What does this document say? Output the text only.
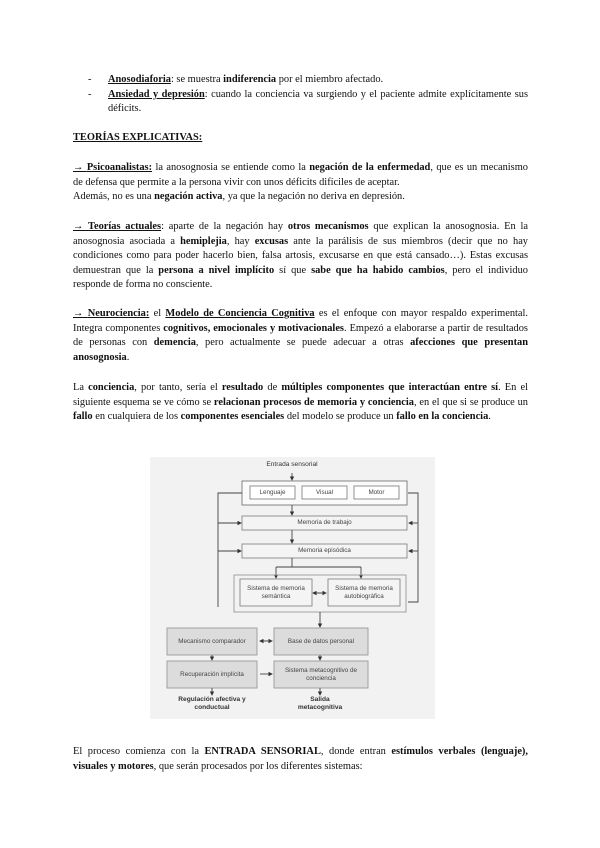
- Anosodiaforia: se muestra indiferencia por el miembro afectado.
- Ansiedad y depresión: cuando la conciencia va surgiendo y el paciente admite explícitamente sus déficits.
TEORÍAS EXPLICATIVAS:
→ Psicoanalistas: la anosognosia se entiende como la negación de la enfermedad, que es un mecanismo de defensa que permite a la persona vivir con unos déficits difíciles de aceptar.
Además, no es una negación activa, ya que la negación no deriva en depresión.
→ Teorías actuales: aparte de la negación hay otros mecanismos que explican la anosognosia. En la anosognosia asociada a hemiplejia, hay excusas ante la parálisis de sus miembros (decir que no hay condiciones como para poder hacerlo bien, falsa artosis, excusarse en que está cansado…). Estas excusas demuestran que la persona a nivel implícito sí que sabe que ha habido cambios, pero el individuo responde de forma no consciente.
→ Neurociencia: el Modelo de Conciencia Cognitiva es el enfoque con mayor respaldo experimental. Integra componentes cognitivos, emocionales y motivacionales. Empezó a elaborarse a partir de resultados de personas con demencia, pero actualmente se puede adecuar a otras afecciones que presentan anosognosia.
La conciencia, por tanto, sería el resultado de múltiples componentes que interactúan entre sí. En el siguiente esquema se ve cómo se relacionan procesos de memoria y conciencia, en el que si se produce un fallo en cualquiera de los componentes esenciales del modelo se produce un fallo en la conciencia.
Entrada sensorial
Lenguaje	Visual	Motor
Memoria de trabajo
Memoria episódica
Sistema de memoria semántica
Sistema de memoria autobiográfica
Mecanismo comparador	Base de datos personal
Recuperación implícita
Sistema metacognitivo de conciencia
Regulación afectiva y conductual
Salida metacognitiva
El proceso comienza con la ENTRADA SENSORIAL, donde entran estímulos verbales (lenguaje), visuales y motores, que serán procesados por los diferentes sistemas:
